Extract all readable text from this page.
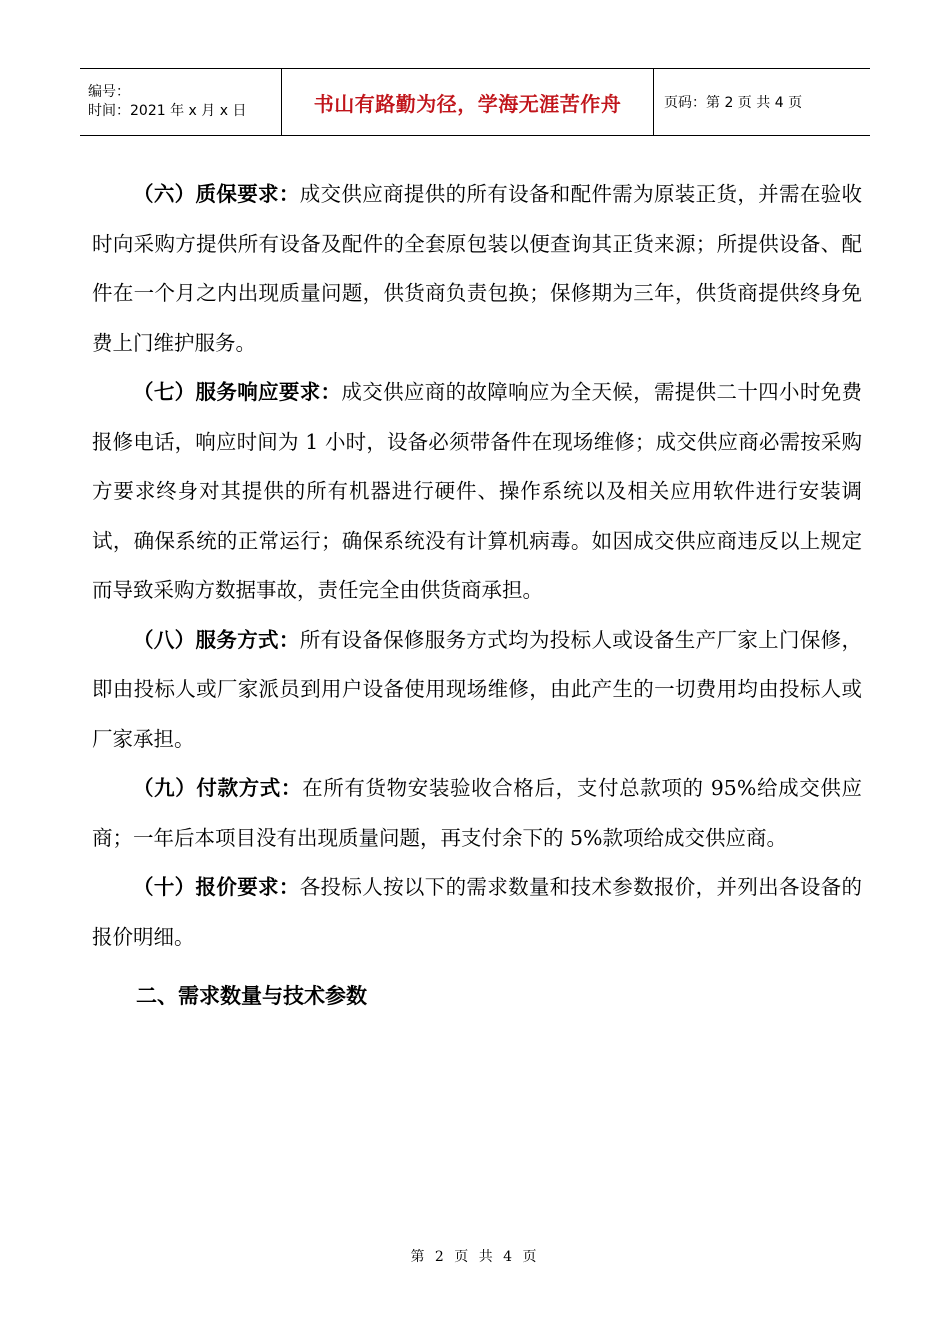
编号：
时间：2021 年 x 月 x 日	书山有路勤为径，学海无涯苦作舟	页码：第 2 页 共 4 页

（六）质保要求：成交供应商提供的所有设备和配件需为原装正货，并需在验收时向采购方提供所有设备及配件的全套原包装以便查询其正货来源；所提供设备、配件在一个月之内出现质量问题，供货商负责包换；保修期为三年，供货商提供终身免费上门维护服务。

（七）服务响应要求：成交供应商的故障响应为全天候，需提供二十四小时免费报修电话，响应时间为 1 小时，设备必须带备件在现场维修；成交供应商必需按采购方要求终身对其提供的所有机器进行硬件、操作系统以及相关应用软件进行安装调试，确保系统的正常运行；确保系统没有计算机病毒。如因成交供应商违反以上规定而导致采购方数据事故，责任完全由供货商承担。

（八）服务方式：所有设备保修服务方式均为投标人或设备生产厂家上门保修，即由投标人或厂家派员到用户设备使用现场维修，由此产生的一切费用均由投标人或厂家承担。

（九）付款方式：在所有货物安装验收合格后，支付总款项的 95%给成交供应商；一年后本项目没有出现质量问题，再支付余下的 5%款项给成交供应商。

（十）报价要求：各投标人按以下的需求数量和技术参数报价，并列出各设备的报价明细。

二、需求数量与技术参数
第 2 页 共 4 页
